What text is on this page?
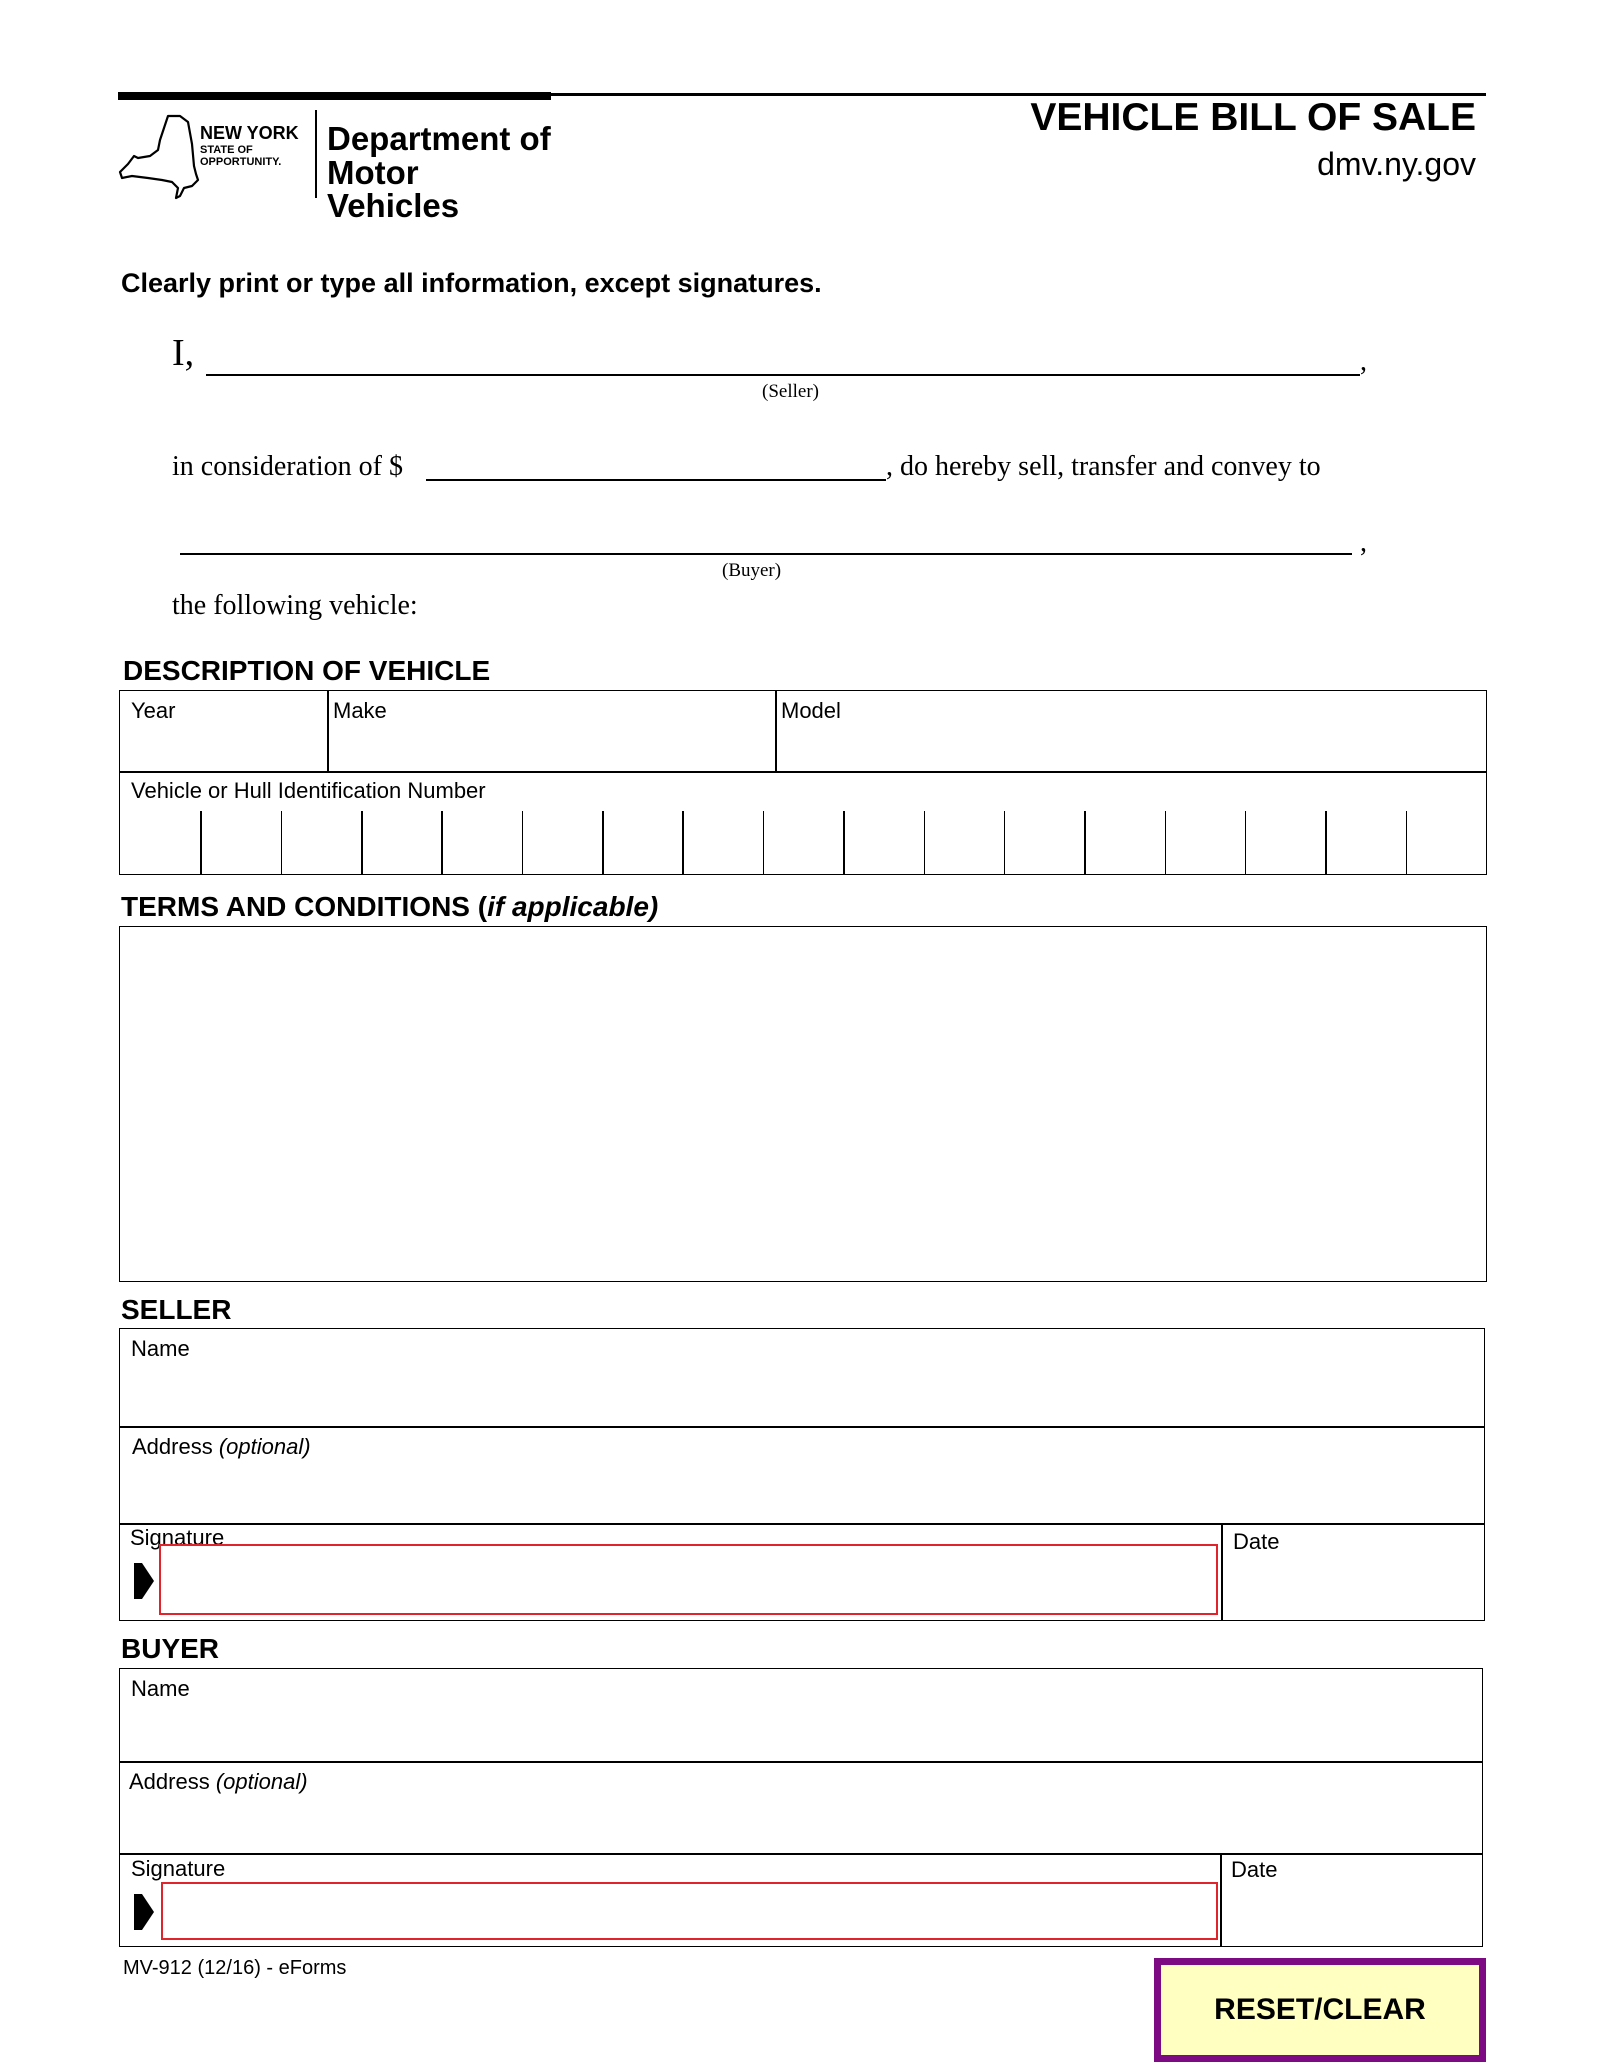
NEW YORK
STATE OF
OPPORTUNITY.
Department of
Motor Vehicles
VEHICLE BILL OF SALE
dmv.ny.gov
Clearly print or type all information, except signatures.
I,	,
(Seller)
in consideration of $	, do hereby sell, transfer and convey to
,
(Buyer)
the following vehicle:
DESCRIPTION OF VEHICLE
Year	Make	Model
Vehicle or Hull Identification Number
TERMS AND CONDITIONS (if applicable)
SELLER
Name
Address (optional)
Signature	Date
BUYER
Name
Address (optional)
Signature	Date
MV-912 (12/16) - eForms
RESET/CLEAR
